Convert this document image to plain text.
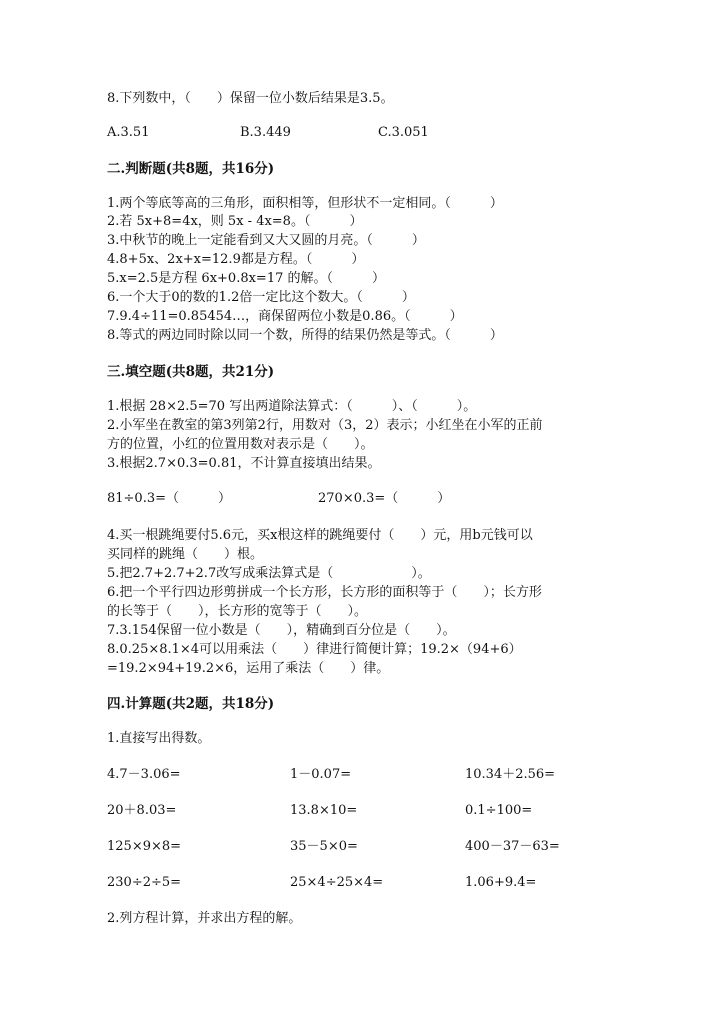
8.下列数中，（　　）保留一位小数后结果是3.5。

A.3.51	B.3.449	C.3.051

二.判断题(共8题，共16分)

1.两个等底等高的三角形，面积相等，但形状不一定相同。（　　　）

2.若 5x+8=4x，则 5x - 4x=8。（　　　）

3.中秋节的晚上一定能看到又大又圆的月亮。（　　　）

4.8+5x、2x+x=12.9都是方程。（　　　）

5.x=2.5是方程 6x+0.8x=17 的解。（　　　）

6.一个大于0的数的1.2倍一定比这个数大。（　　　）

7.9.4÷11=0.85454…，商保留两位小数是0.86。（　　　）

8.等式的两边同时除以同一个数，所得的结果仍然是等式。（　　　）

三.填空题(共8题，共21分)

1.根据 28×2.5=70 写出两道除法算式：（　　　）、（　　　）。

2.小军坐在教室的第3列第2行，用数对（3，2）表示；小红坐在小军的正前

方的位置，小红的位置用数对表示是（　　）。

3.根据2.7×0.3=0.81，不计算直接填出结果。

81÷0.3=（　　　）	270×0.3=（　　　）

4.买一根跳绳要付5.6元，买x根这样的跳绳要付（　　）元，用b元钱可以

买同样的跳绳（　　）根。

5.把2.7+2.7+2.7改写成乘法算式是（　　　　　　）。

6.把一个平行四边形剪拼成一个长方形，长方形的面积等于（　　）；长方形

的长等于（　　），长方形的宽等于（　　）。

7.3.154保留一位小数是（　　），精确到百分位是（　　）。

8.0.25×8.1×4可以用乘法（　　）律进行简便计算；19.2×（94+6）

=19.2×94+19.2×6，运用了乘法（　　）律。

四.计算题(共2题，共18分)

1.直接写出得数。

4.7－3.06=	1－0.07=	10.34＋2.56=

20＋8.03=	13.8×10=	0.1÷100=

125×9×8=	35－5×0=	400－37－63=

230÷2÷5=	25×4÷25×4=	1.06+9.4=

2.列方程计算，并求出方程的解。
